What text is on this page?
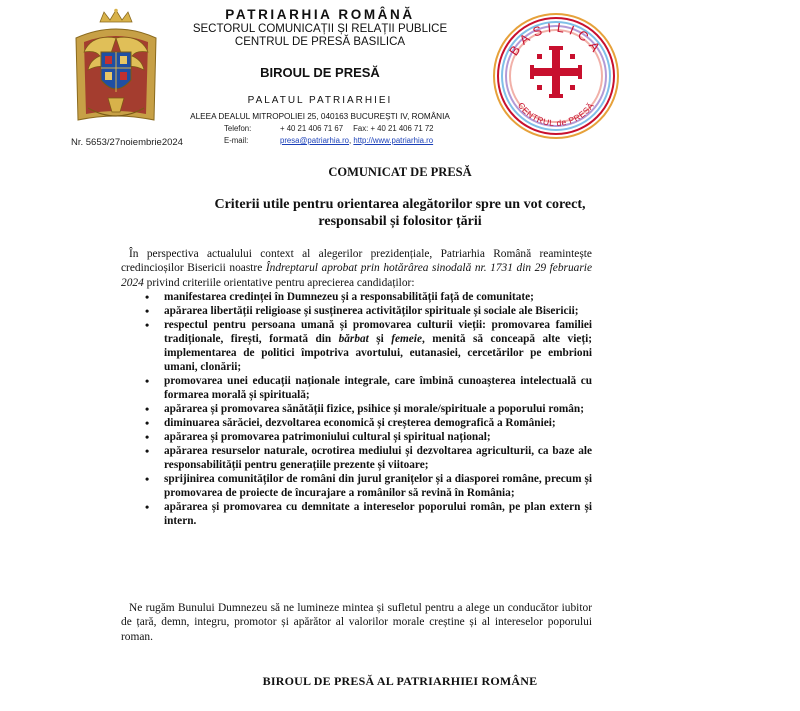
Nr. 5653/27noiembrie2024
PATRIARHIA ROMÂNĂ
SECTORUL COMUNICAȚII ȘI RELAȚII PUBLICE
CENTRUL DE PRESĂ BASILICA
BIROUL DE PRESĂ
PALATUL PATRIARHIEI
ALEEA DEALUL MITROPOLIEI 25, 040163 BUCUREȘTI IV, ROMÂNIA
Telefon:	+ 40 21 406 71 67 Fax: + 40 21 406 71 72
E-mail:	presa@patriarhia.ro, http://www.patriarhia.ro
BASILICA
CENTRUL de PRESĂ
COMUNICAT DE PRESĂ
Criterii utile pentru orientarea alegătorilor spre un vot corect,
responsabil și folositor țării

În perspectiva actualului context al alegerilor prezidențiale, Patriarhia Română reamintește credincioșilor Bisericii noastre Îndreptarul aprobat prin hotărârea sinodală nr. 1731 din 29 februarie 2024 privind criteriile orientative pentru aprecierea candidaților:

• manifestarea credinței în Dumnezeu și a responsabilității față de comunitate;
• apărarea libertății religioase și susținerea activităților spirituale și sociale ale Bisericii;
• respectul pentru persoana umană și promovarea culturii vieții: promovarea familiei tradiționale, firești, formată din bărbat și femeie, menită să conceapă alte vieți; implementarea de politici împotriva avortului, eutanasiei, cercetărilor pe embrioni umani, clonării;
• promovarea unei educații naționale integrale, care îmbină cunoașterea intelectuală cu formarea morală și spirituală;
• apărarea și promovarea sănătății fizice, psihice și morale/spirituale a poporului român;
• diminuarea sărăciei, dezvoltarea economică și creșterea demografică a României;
• apărarea și promovarea patrimoniului cultural și spiritual național;
• apărarea resurselor naturale, ocrotirea mediului și dezvoltarea agriculturii, ca baze ale responsabilității pentru generațiile prezente și viitoare;
• sprijinirea comunităților de români din jurul granițelor și a diasporei române, precum și promovarea de proiecte de încurajare a românilor să revină în România;
• apărarea și promovarea cu demnitate a intereselor poporului român, pe plan extern și intern.

Ne rugăm Bunului Dumnezeu să ne lumineze mintea și sufletul pentru a alege un conducător iubitor de țară, demn, integru, promotor și apărător al valorilor morale creștine și al intereselor poporului roman.

BIROUL DE PRESĂ AL PATRIARHIEI ROMÂNE
